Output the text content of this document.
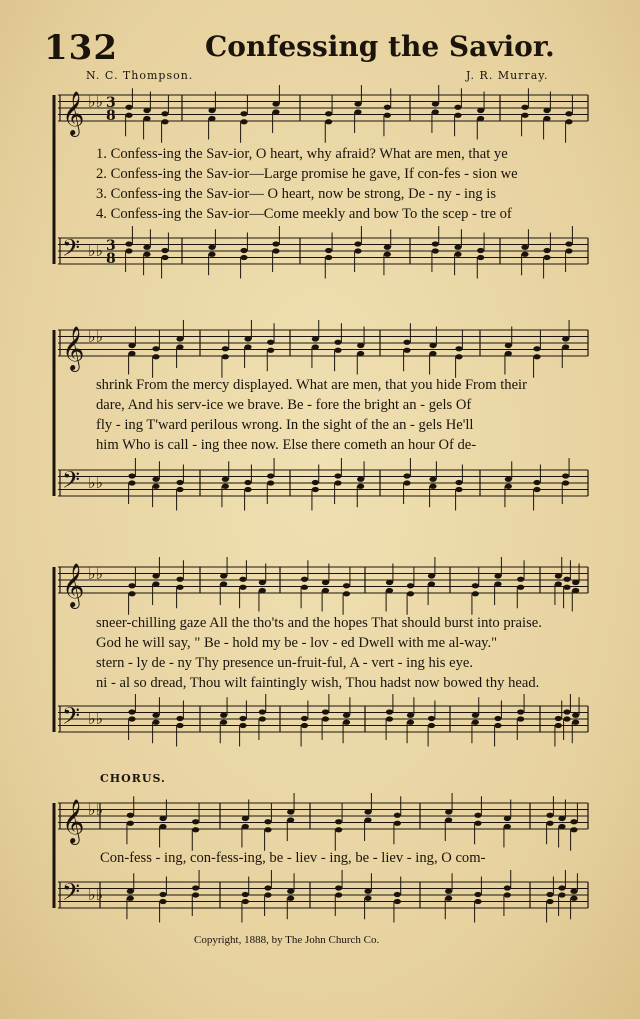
132	Confessing the Savior.
N. C. Thompson.	J. R. Murray.
𝄞 ♭♭
𝄢 ♭♭
3
8
3
8
𝄞 ♭♭
𝄢 ♭♭
𝄞 ♭♭
𝄢 ♭♭
𝄞 ♭♭
𝄢 ♭♭
1. Confess-ing the Sav-ior, O heart, why afraid? What are men, that ye
2. Confess-ing the Sav-ior—Large promise he gave, If con-fes - sion we
3. Confess-ing the Sav-ior— O heart, now be strong, De - ny - ing is
4. Confess-ing the Sav-ior—Come meekly and bow To the scep - tre of
shrink From the mercy displayed. What are men, that you hide From their
dare, And his serv-ice we brave. Be - fore the bright an - gels Of
fly - ing T'ward perilous wrong. In the sight of the an - gels He'll
him Who is call - ing thee now. Else there cometh an hour Of de-
sneer-chilling gaze All the tho'ts and the hopes That should burst into praise.
God he will say, " Be - hold my be - lov - ed Dwell with me al-way."
stern - ly de - ny Thy presence un-fruit-ful, A - vert - ing his eye.
ni - al so dread, Thou wilt faintingly wish, Thou hadst now bowed thy head.
CHORUS.
Con-fess - ing, con-fess-ing, be - liev - ing, be - liev - ing, O com-
Copyright, 1888, by The John Church Co.
